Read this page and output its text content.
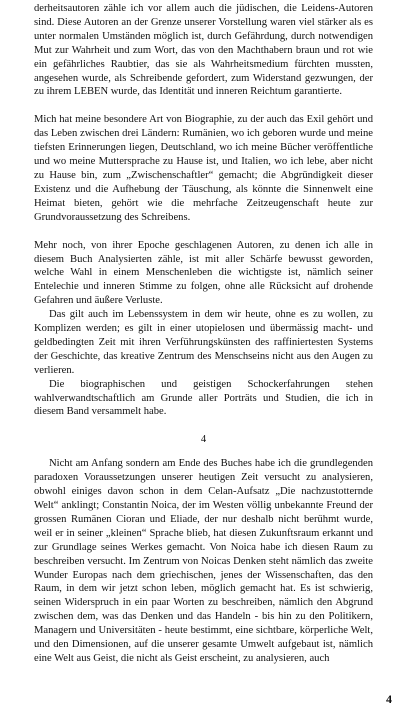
derheitsautoren zähle ich vor allem auch die jüdischen, die Leidens-Autoren sind. Diese Autoren an der Grenze unserer Vorstellung waren viel stärker als es unter normalen Umständen möglich ist, durch Gefährdung, durch notwendigen Mut zur Wahrheit und zum Wort, das von den Machthabern braun und rot wie ein gefährliches Raubtier, das sie als Wahrheitsmedium fürchten mussten, angesehen wurde, als Schreibende gefordert, zum Widerstand gezwungen, der zu ihrem LEBEN wurde, das Identität und inneren Reichtum garantierte.

Mich hat meine besondere Art von Biographie, zu der auch das Exil gehört und das Leben zwischen drei Ländern: Rumänien, wo ich geboren wurde und meine tiefsten Erinnerungen liegen, Deutschland, wo ich meine Bücher veröffentliche und wo meine Muttersprache zu Hause ist, und Italien, wo ich lebe, aber nicht zu Hause bin, zum „Zwischenschaftler“ gemacht; die Abgründigkeit dieser Existenz und die Aufhebung der Täuschung, als könnte die Sinnenwelt eine Heimat bieten, gehört wie die mehrfache Zeitzeugenschaft heute zur Grundvoraussetzung des Schreibens.

Mehr noch, von ihrer Epoche geschlagenen Autoren, zu denen ich alle in diesem Buch Analysierten zähle, ist mit aller Schärfe bewusst geworden, welche Wahl in einem Menschenleben die wichtigste ist, nämlich seiner Entelechie und inneren Stimme zu folgen, ohne alle Rücksicht auf drohende Gefahren und äußere Verluste.

Das gilt auch im Lebenssystem in dem wir heute, ohne es zu wollen, zu Komplizen werden; es gilt in einer utopielosen und übermässig macht- und geldbedingten Zeit mit ihren Verführungskünsten des raffiniertesten Systems der Geschichte, das kreative Zentrum des Menschseins nicht aus den Augen zu verlieren.

Die biographischen und geistigen Schockerfahrungen stehen wahlverwandtschaftlich am Grunde aller Porträts und Studien, die ich in diesem Band versammelt habe.

4

Nicht am Anfang sondern am Ende des Buches habe ich die grundlegenden paradoxen Voraussetzungen unserer heutigen Zeit versucht zu analysieren, obwohl einiges davon schon in dem Celan-Aufsatz „Die nachzustotternde Welt“ anklingt; Constantin Noica, der im Westen völlig unbekannte Freund der grossen Rumänen Cioran und Eliade, der nur deshalb nicht berühmt wurde, weil er in seiner „kleinen“ Sprache blieb, hat diesen Zukunftsraum erkannt und zur Grundlage seines Werkes gemacht. Von Noica habe ich diesen Raum zu beschreiben versucht. Im Zentrum von Noicas Denken steht nämlich das zweite Wunder Europas nach dem griechischen, jenes der Wissenschaften, das den Raum, in dem wir jetzt schon leben, möglich gemacht hat. Es ist schwierig, seinen Widerspruch in ein paar Worten zu beschreiben, nämlich den Abgrund zwischen dem, was das Denken und das Handeln - bis hin zu den Politikern, Managern und Universitäten - heute bestimmt, eine sichtbare, körperliche Welt, und den Dimensionen, auf die unserer gesamte Umwelt aufgebaut ist, nämlich eine Welt aus Geist, die nicht als Geist erscheint, zu analysieren, auch

4
